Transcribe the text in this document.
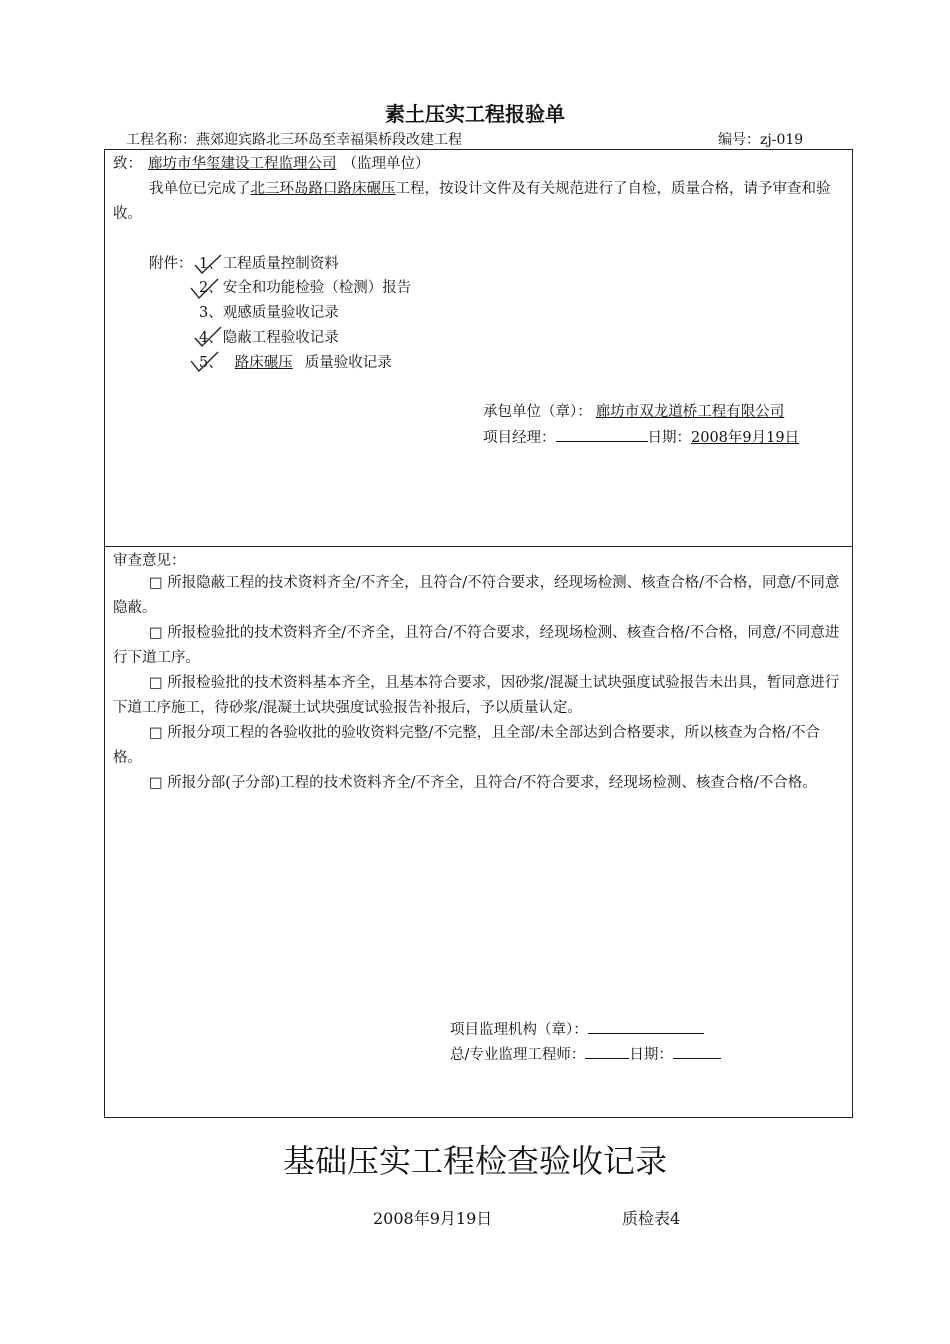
素土压实工程报验单
工程名称：燕郊迎宾路北三环岛至幸福渠桥段改建工程	编号：zj-019
致： 廊坊市华玺建设工程监理公司 （监理单位）
我单位已完成了北三环岛路口路床碾压工程，按设计文件及有关规范进行了自检，质量合格，请予审查和验收。
附件： 1、工程质量控制资料
2、安全和功能检验（检测）报告
3、观感质量验收记录
4、隐蔽工程验收记录
5、 路床碾压 质量验收记录
承包单位（章）： 廊坊市双龙道桥工程有限公司
项目经理：	日期：2008年9月19日
审查意见：
□ 所报隐蔽工程的技术资料齐全/不齐全，且符合/不符合要求，经现场检测、核查合格/不合格，同意/不同意隐蔽。
□ 所报检验批的技术资料齐全/不齐全，且符合/不符合要求，经现场检测、核查合格/不合格，同意/不同意进行下道工序。
□ 所报检验批的技术资料基本齐全，且基本符合要求，因砂浆/混凝土试块强度试验报告未出具，暂同意进行下道工序施工，待砂浆/混凝土试块强度试验报告补报后，予以质量认定。
□ 所报分项工程的各验收批的验收资料完整/不完整，且全部/未全部达到合格要求，所以核查为合格/不合格。
□ 所报分部(子分部)工程的技术资料齐全/不齐全，且符合/不符合要求，经现场检测、核查合格/不合格。
项目监理机构（章）：
总/专业监理工程师：	日期：
基础压实工程检查验收记录
2008年9月19日	质检表4
